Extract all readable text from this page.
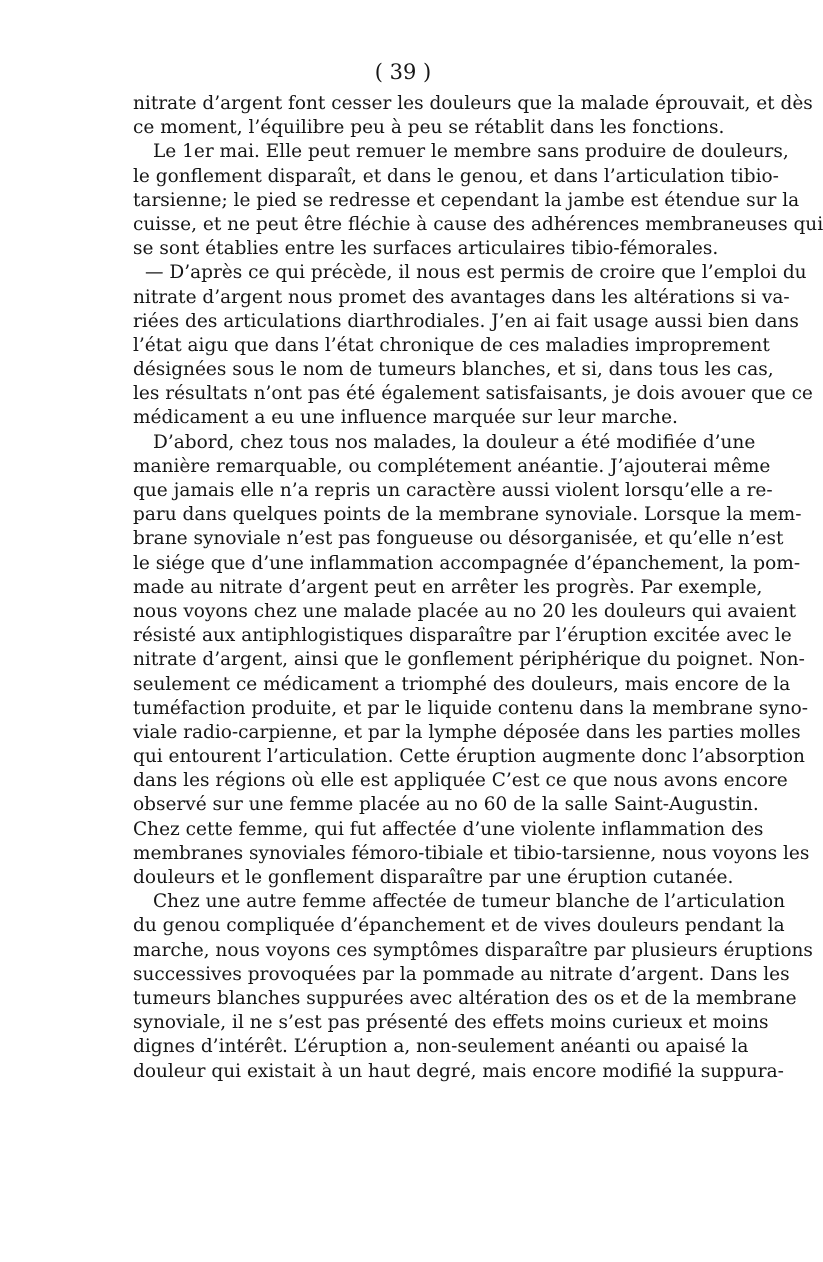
( 39 )
nitrate d’argent font cesser les douleurs que la malade éprouvait, et dès
ce moment, l’équilibre peu à peu se rétablit dans les fonctions.
Le 1er mai. Elle peut remuer le membre sans produire de douleurs,
le gonflement disparaît, et dans le genou, et dans l’articulation tibio-
tarsienne; le pied se redresse et cependant la jambe est étendue sur la
cuisse, et ne peut être fléchie à cause des adhérences membraneuses qui
se sont établies entre les surfaces articulaires tibio-fémorales.
— D’après ce qui précède, il nous est permis de croire que l’emploi du
nitrate d’argent nous promet des avantages dans les altérations si va-
riées des articulations diarthrodiales. J’en ai fait usage aussi bien dans
l’état aigu que dans l’état chronique de ces maladies improprement
désignées sous le nom de tumeurs blanches, et si, dans tous les cas,
les résultats n’ont pas été également satisfaisants, je dois avouer que ce
médicament a eu une influence marquée sur leur marche.
D’abord, chez tous nos malades, la douleur a été modifiée d’une
manière remarquable, ou complétement anéantie. J’ajouterai même
que jamais elle n’a repris un caractère aussi violent lorsqu’elle a re-
paru dans quelques points de la membrane synoviale. Lorsque la mem-
brane synoviale n’est pas fongueuse ou désorganisée, et qu’elle n’est
le siége que d’une inflammation accompagnée d’épanchement, la pom-
made au nitrate d’argent peut en arrêter les progrès. Par exemple,
nous voyons chez une malade placée au no 20 les douleurs qui avaient
résisté aux antiphlogistiques disparaître par l’éruption excitée avec le
nitrate d’argent, ainsi que le gonflement périphérique du poignet. Non-
seulement ce médicament a triomphé des douleurs, mais encore de la
tuméfaction produite, et par le liquide contenu dans la membrane syno-
viale radio-carpienne, et par la lymphe déposée dans les parties molles
qui entourent l’articulation. Cette éruption augmente donc l’absorption
dans les régions où elle est appliquée C’est ce que nous avons encore
observé sur une femme placée au no 60 de la salle Saint-Augustin.
Chez cette femme, qui fut affectée d’une violente inflammation des
membranes synoviales fémoro-tibiale et tibio-tarsienne, nous voyons les
douleurs et le gonflement disparaître par une éruption cutanée.
Chez une autre femme affectée de tumeur blanche de l’articulation
du genou compliquée d’épanchement et de vives douleurs pendant la
marche, nous voyons ces symptômes disparaître par plusieurs éruptions
successives provoquées par la pommade au nitrate d’argent. Dans les
tumeurs blanches suppurées avec altération des os et de la membrane
synoviale, il ne s’est pas présenté des effets moins curieux et moins
dignes d’intérêt. L’éruption a, non-seulement anéanti ou apaisé la
douleur qui existait à un haut degré, mais encore modifié la suppura-
